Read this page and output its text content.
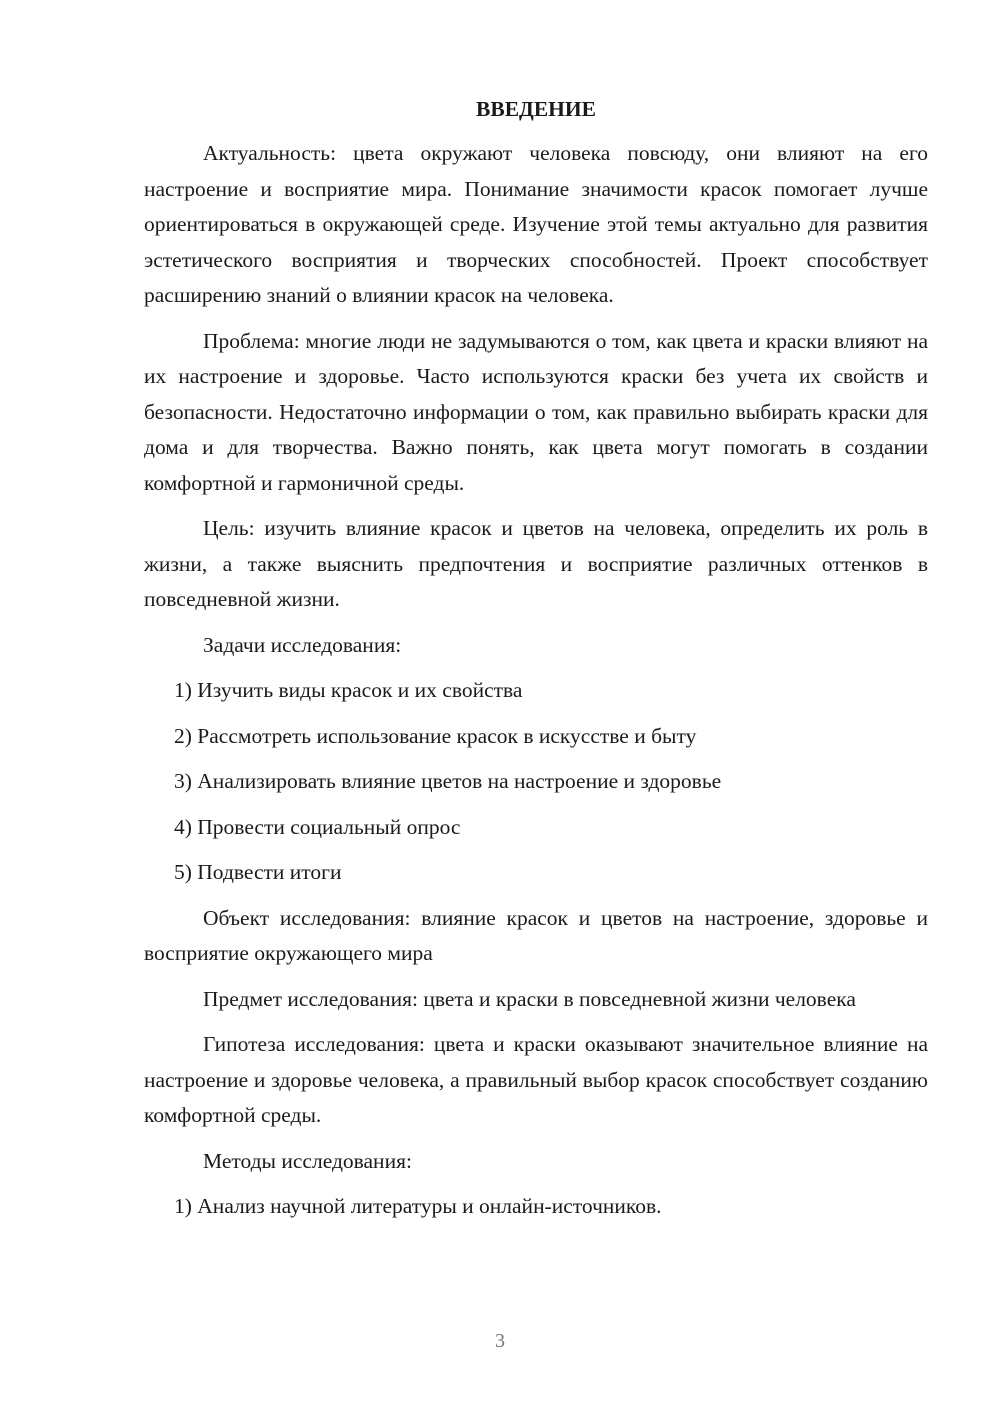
ВВЕДЕНИЕ
Актуальность: цвета окружают человека повсюду, они влияют на его настроение и восприятие мира. Понимание значимости красок помогает лучше ориентироваться в окружающей среде. Изучение этой темы актуально для развития эстетического восприятия и творческих способностей. Проект способствует расширению знаний о влиянии красок на человека.
Проблема: многие люди не задумываются о том, как цвета и краски влияют на их настроение и здоровье. Часто используются краски без учета их свойств и безопасности. Недостаточно информации о том, как правильно выбирать краски для дома и для творчества. Важно понять, как цвета могут помогать в создании комфортной и гармоничной среды.
Цель: изучить влияние красок и цветов на человека, определить их роль в жизни, а также выяснить предпочтения и восприятие различных оттенков в повседневной жизни.
Задачи исследования:
1) Изучить виды красок и их свойства
2) Рассмотреть использование красок в искусстве и быту
3) Анализировать влияние цветов на настроение и здоровье
4) Провести социальный опрос
5) Подвести итоги
Объект исследования: влияние красок и цветов на настроение, здоровье и восприятие окружающего мира
Предмет исследования: цвета и краски в повседневной жизни человека
Гипотеза исследования: цвета и краски оказывают значительное влияние на настроение и здоровье человека, а правильный выбор красок способствует созданию комфортной среды.
Методы исследования:
1) Анализ научной литературы и онлайн-источников.
3
